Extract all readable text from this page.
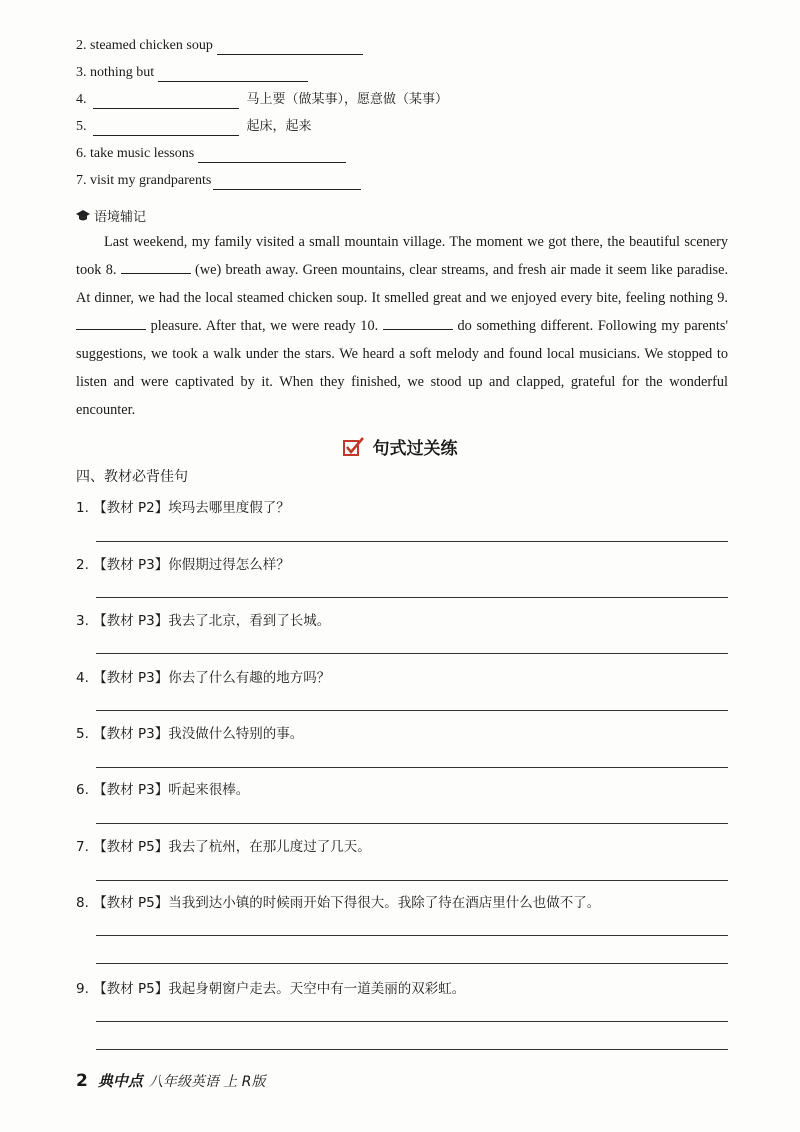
2. steamed chicken soup
3. nothing but
4.	马上要（做某事），愿意做（某事）
5.	起床，起来
6. take music lessons
7. visit my grandparents
语境辅记
Last weekend, my family visited a small mountain village. The moment we got there, the beautiful scenery took 8.	(we) breath away. Green mountains, clear streams, and fresh air made it seem like paradise. At dinner, we had the local steamed chicken soup. It smelled great and we enjoyed every bite, feeling nothing 9.  pleasure. After that, we were ready 10.	do something different. Following my parents' suggestions, we took a walk under the stars. We heard a soft melody and found local musicians. We stopped to listen and were captivated by it. When they finished, we stood up and clapped, grateful for the wonderful encounter.
句式过关练
四、教材必背佳句
1. 【教材 P2】埃玛去哪里度假了？
2. 【教材 P3】你假期过得怎么样？
3. 【教材 P3】我去了北京，看到了长城。
4. 【教材 P3】你去了什么有趣的地方吗？
5. 【教材 P3】我没做什么特别的事。
6. 【教材 P3】听起来很棒。
7. 【教材 P5】我去了杭州，在那儿度过了几天。
8. 【教材 P5】当我到达小镇的时候雨开始下得很大。我除了待在酒店里什么也做不了。
9. 【教材 P5】我起身朝窗户走去。天空中有一道美丽的双彩虹。
2 典中点 八年级英语 上 R版
